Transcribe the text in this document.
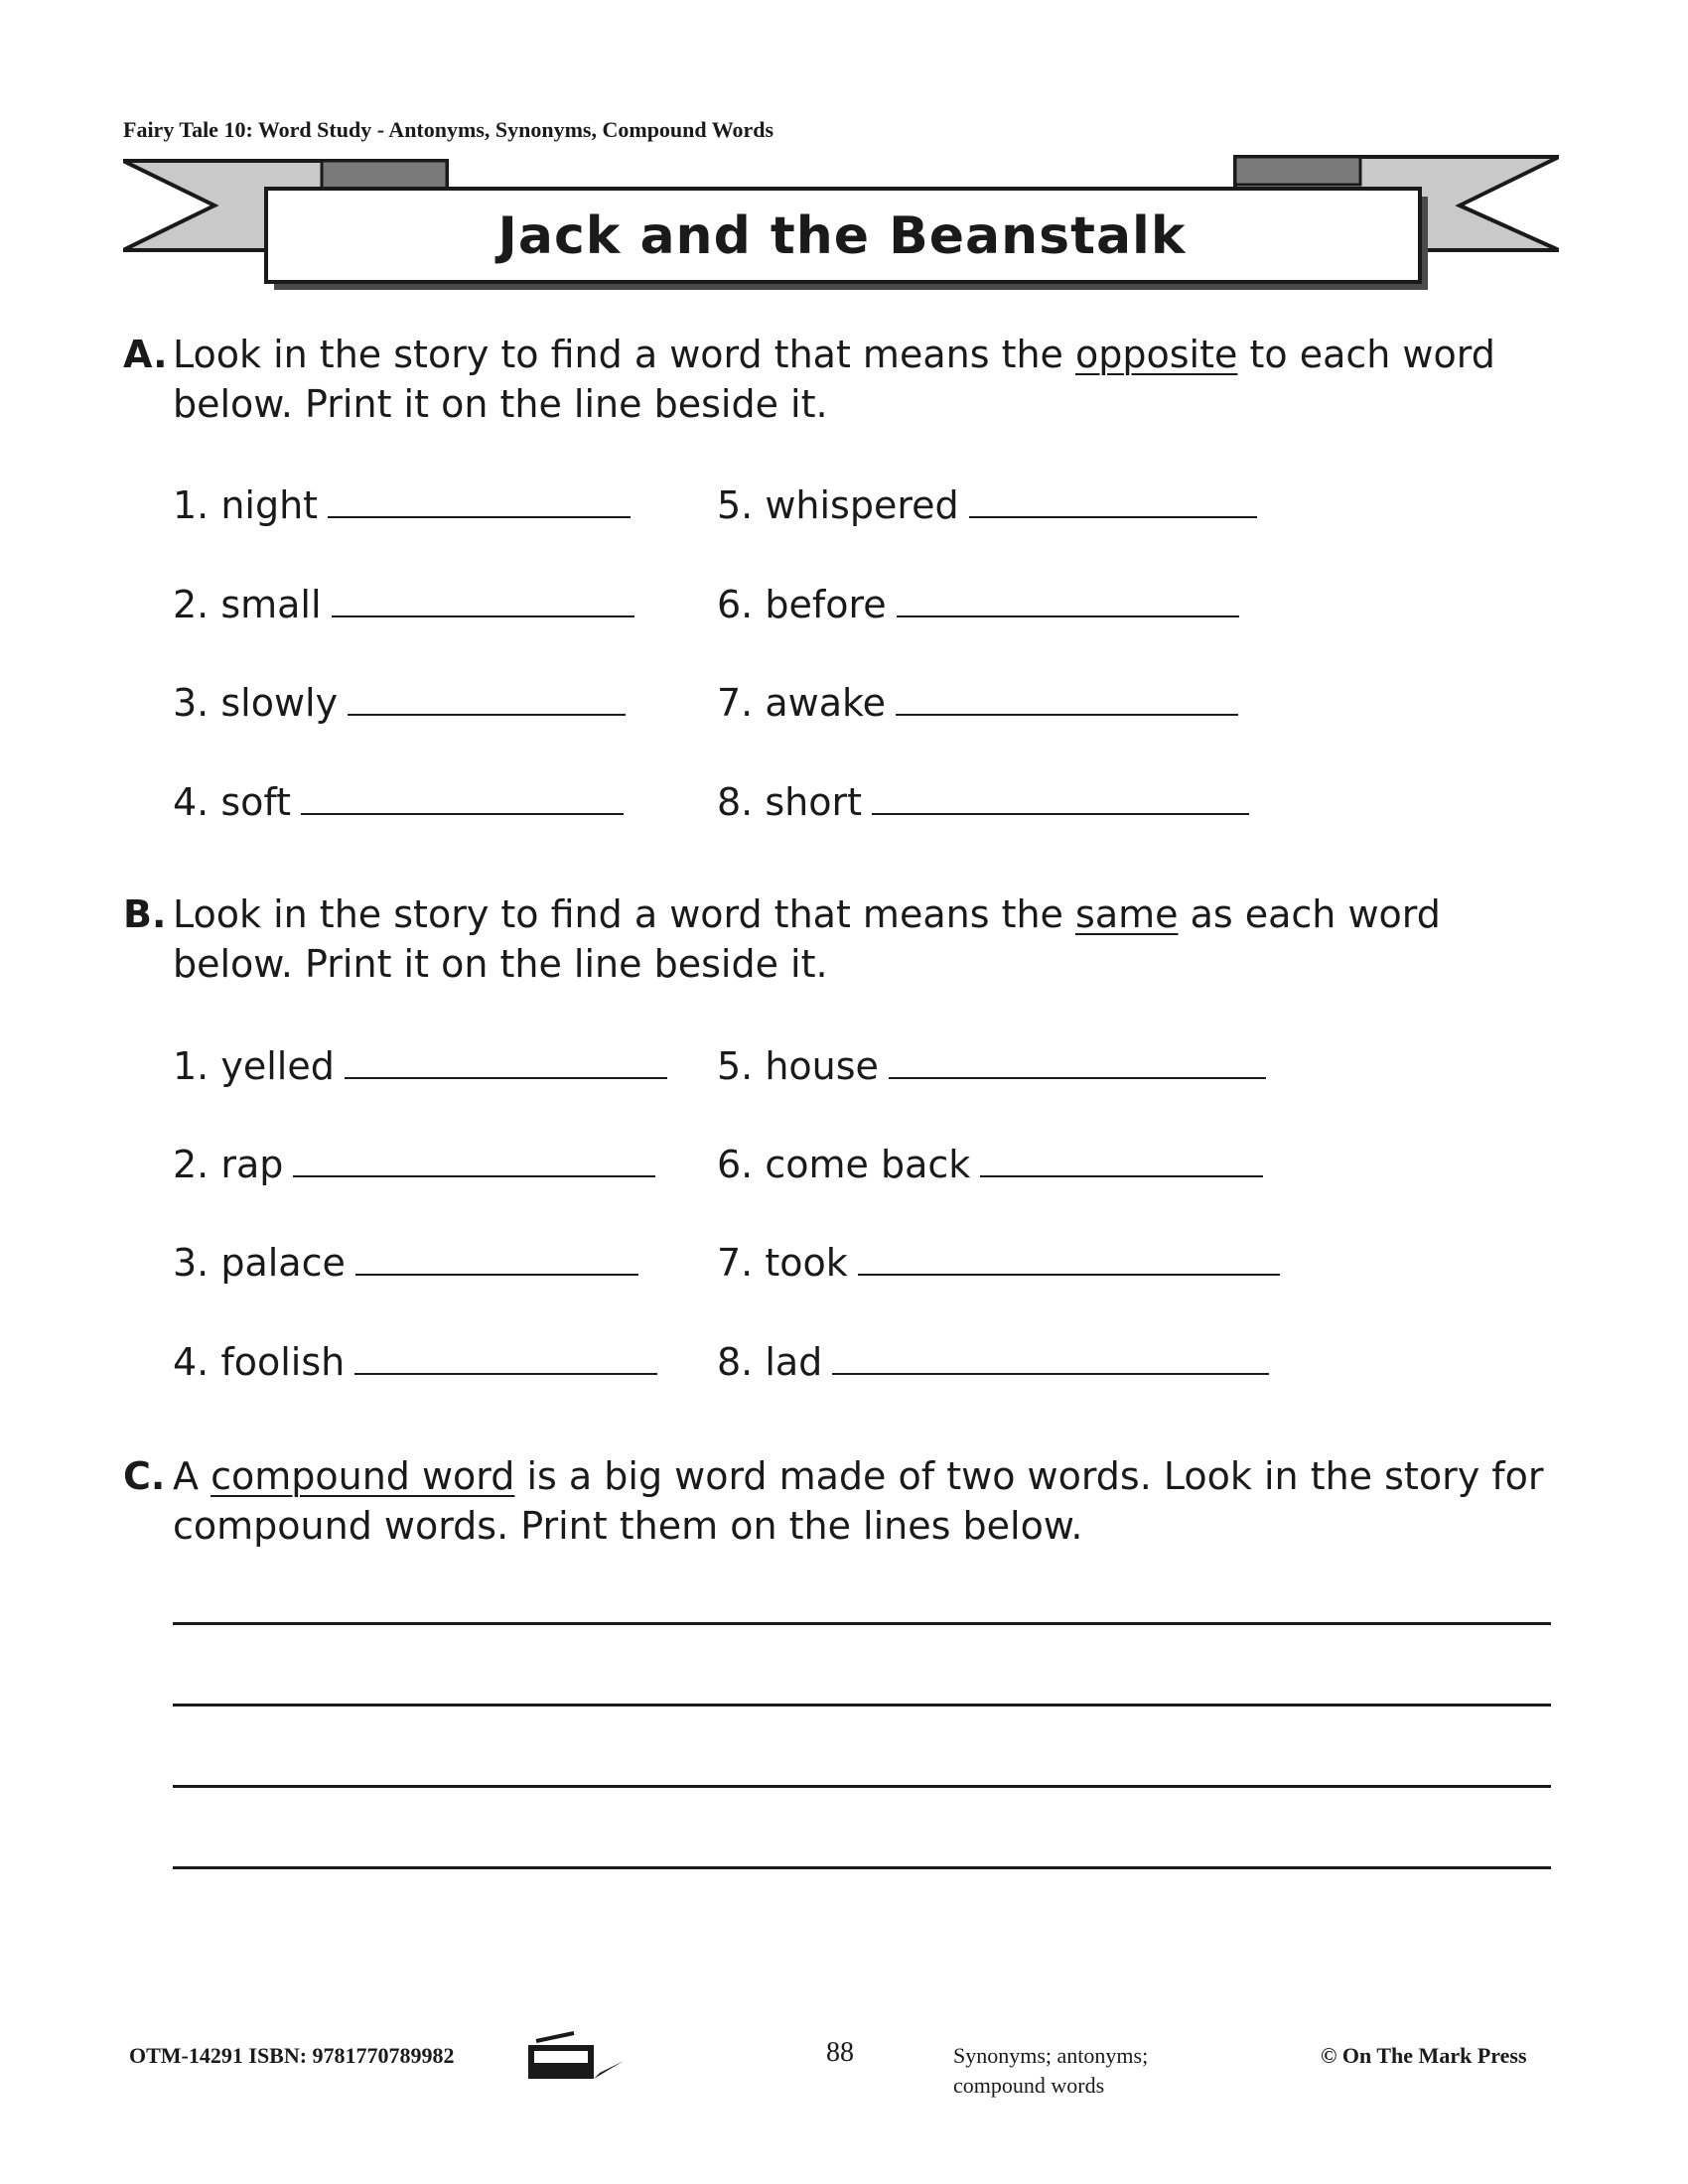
Fairy Tale 10: Word Study - Antonyms, Synonyms, Compound Words
Jack and the Beanstalk
A. Look in the story to find a word that means the opposite to each word
below. Print it on the line beside it.
1. night
2. small
3. slowly
4. soft
5. whispered
6. before
7. awake
8. short
B. Look in the story to find a word that means the same as each word
below. Print it on the line beside it.
1. yelled
2. rap
3. palace
4. foolish
5. house
6. come back
7. took
8. lad
C. A compound word is a big word made of two words. Look in the story for
compound words. Print them on the lines below.
OTM-14291 ISBN: 9781770789982	88	Synonyms; antonyms;
compound words
© On The Mark Press
